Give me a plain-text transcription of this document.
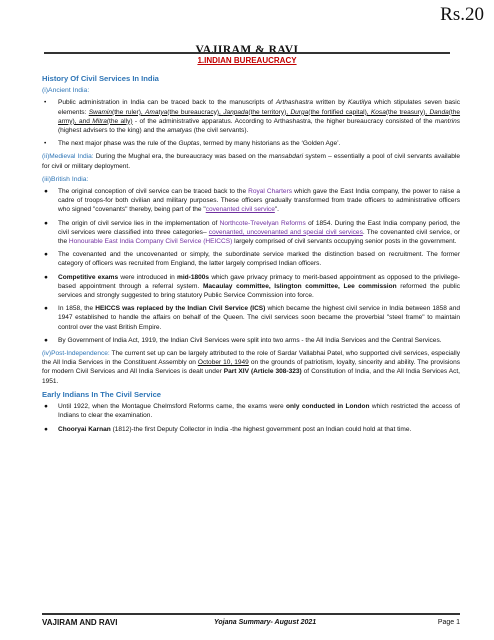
Rs.20
VAJIRAM & RAVI
1.INDIAN BUREAUCRACY
History Of Civil Services In India
(i)Ancient India:
•	Public administration in India can be traced back to the manuscripts of Arthashastra written by Kautilya which stipulates seven basic elements: Swamin(the ruler), Amatya(the bureaucracy), Janpada(the territory), Durga(the fortified capital), Kosa(the treasury), Danda(the army), and Mitra(the ally) - of the administrative apparatus. According to Arthashastra, the higher bureaucracy consisted of the mantrins (highest advisers to the king) and the amatyas (the civil servants).
•	The next major phase was the rule of the Guptas, termed by many historians as the ‘Golden Age’.
(ii)Medieval India: During the Mughal era, the bureaucracy was based on the mansabdari system – essentially a pool of civil servants available for civil or military deployment.
(iii)British India:
●	The original conception of civil service can be traced back to the Royal Charters which gave the East India company, the power to raise a cadre of troops-for both civilian and military purposes. These officers gradually transformed from trade officers to administrative officers who signed "covenants" thereby, being part of the "covenanted civil service".
●	The origin of civil service lies in the implementation of Northcote-Trevelyan Reforms of 1854. During the East India company period, the civil services were classified into three categories– covenanted, uncovenanted and special civil services. The covenanted civil service, or the Honourable East India Company Civil Service (HEICCS) largely comprised of civil servants occupying senior posts in the government.
●	The covenanted and the uncovenanted or simply, the subordinate service marked the distinction based on recruitment. The former category of officers was recruited from England, the latter largely comprised Indian officers.
●	Competitive exams were introduced in mid-1800s which gave privacy primacy to merit-based appointment as opposed to the privilege-based appointment through a referral system. Macaulay committee, Islington committee, Lee commission reformed the public services and strongly suggested to bring statutory Public Service Commission into force.
●	In 1858, the HEICCS was replaced by the Indian Civil Service (ICS) which became the highest civil service in India between 1858 and 1947 established to handle the affairs on behalf of the Queen. The civil services soon became the proverbial "steel frame" to maintain control over the vast British Empire.
●	By Government of India Act, 1919, the Indian Civil Services were split into two arms - the All India Services and the Central Services.
(iv)Post-Independence: The current set up can be largely attributed to the role of Sardar Vallabhai Patel, who supported civil services, especially the All India Services in the Constituent Assembly on October 10, 1949 on the grounds of patriotism, loyalty, sincerity and ability. The provisions for modern Civil Services and All India Services is dealt under Part XIV (Article 308-323) of Constitution of India, and the All India Services Act, 1951.
Early Indians In The Civil Service
●	Until 1922, when the Montague Chelmsford Reforms came, the exams were only conducted in London which restricted the access of Indians to clear the examination.
●	Chooryai Karnan (1812)-the first Deputy Collector in India -the highest government post an Indian could hold at that time.
VAJIRAM AND RAVI	Yojana Summary- August 2021	Page 1
